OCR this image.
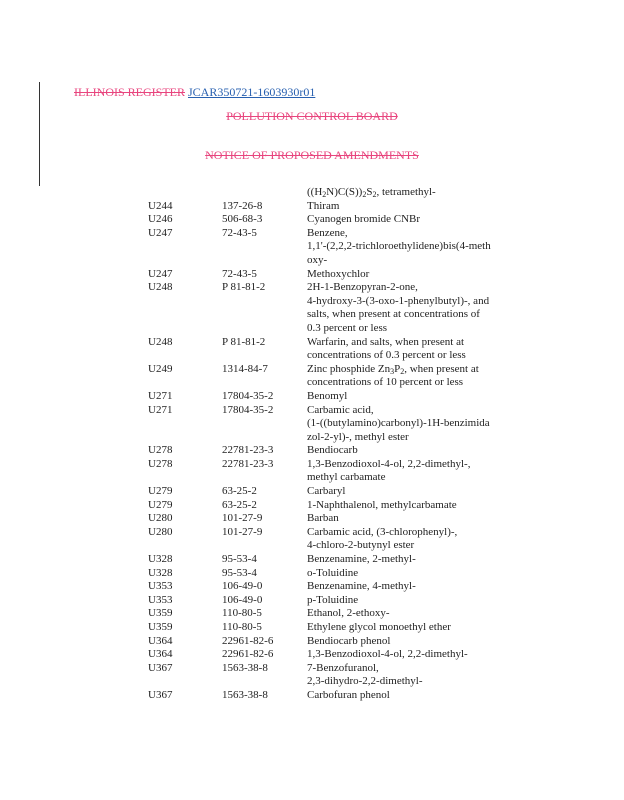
ILLINOIS REGISTER JCAR350721-1603930r01
POLLUTION CONTROL BOARD
NOTICE OF PROPOSED AMENDMENTS
$((H_2N)C(S))_2S_2$, tetramethyl-
U244	137-26-8	Thiram
U246	506-68-3	Cyanogen bromide CNBr
U247	72-43-5	Benzene,
1,1'-(2,2,2-trichloroethylidene)bis(4-meth
oxy-
U247	72-43-5	Methoxychlor
U248	P 81-81-2	2H-1-Benzopyran-2-one,
4-hydroxy-3-(3-oxo-1-phenylbutyl)-, and
salts, when present at concentrations of
0.3 percent or less
U248	P 81-81-2	Warfarin, and salts, when present at
concentrations of 0.3 percent or less
U249	1314-84-7	Zinc phosphide $Zn_3P_2$, when present at
concentrations of 10 percent or less
U271	17804-35-2	Benomyl
U271	17804-35-2	Carbamic acid,
(1-((butylamino)carbonyl)-1H-benzimida
zol-2-yl)-, methyl ester
U278	22781-23-3	Bendiocarb
U278	22781-23-3	1,3-Benzodioxol-4-ol, 2,2-dimethyl-,
methyl carbamate
U279	63-25-2	Carbaryl
U279	63-25-2	1-Naphthalenol, methylcarbamate
U280	101-27-9	Barban
U280	101-27-9	Carbamic acid, (3-chlorophenyl)-,
4-chloro-2-butynyl ester
U328	95-53-4	Benzenamine, 2-methyl-
U328	95-53-4	o-Toluidine
U353	106-49-0	Benzenamine, 4-methyl-
U353	106-49-0	p-Toluidine
U359	110-80-5	Ethanol, 2-ethoxy-
U359	110-80-5	Ethylene glycol monoethyl ether
U364	22961-82-6	Bendiocarb phenol
U364	22961-82-6	1,3-Benzodioxol-4-ol, 2,2-dimethyl-
U367	1563-38-8	7-Benzofuranol,
2,3-dihydro-2,2-dimethyl-
U367	1563-38-8	Carbofuran phenol
